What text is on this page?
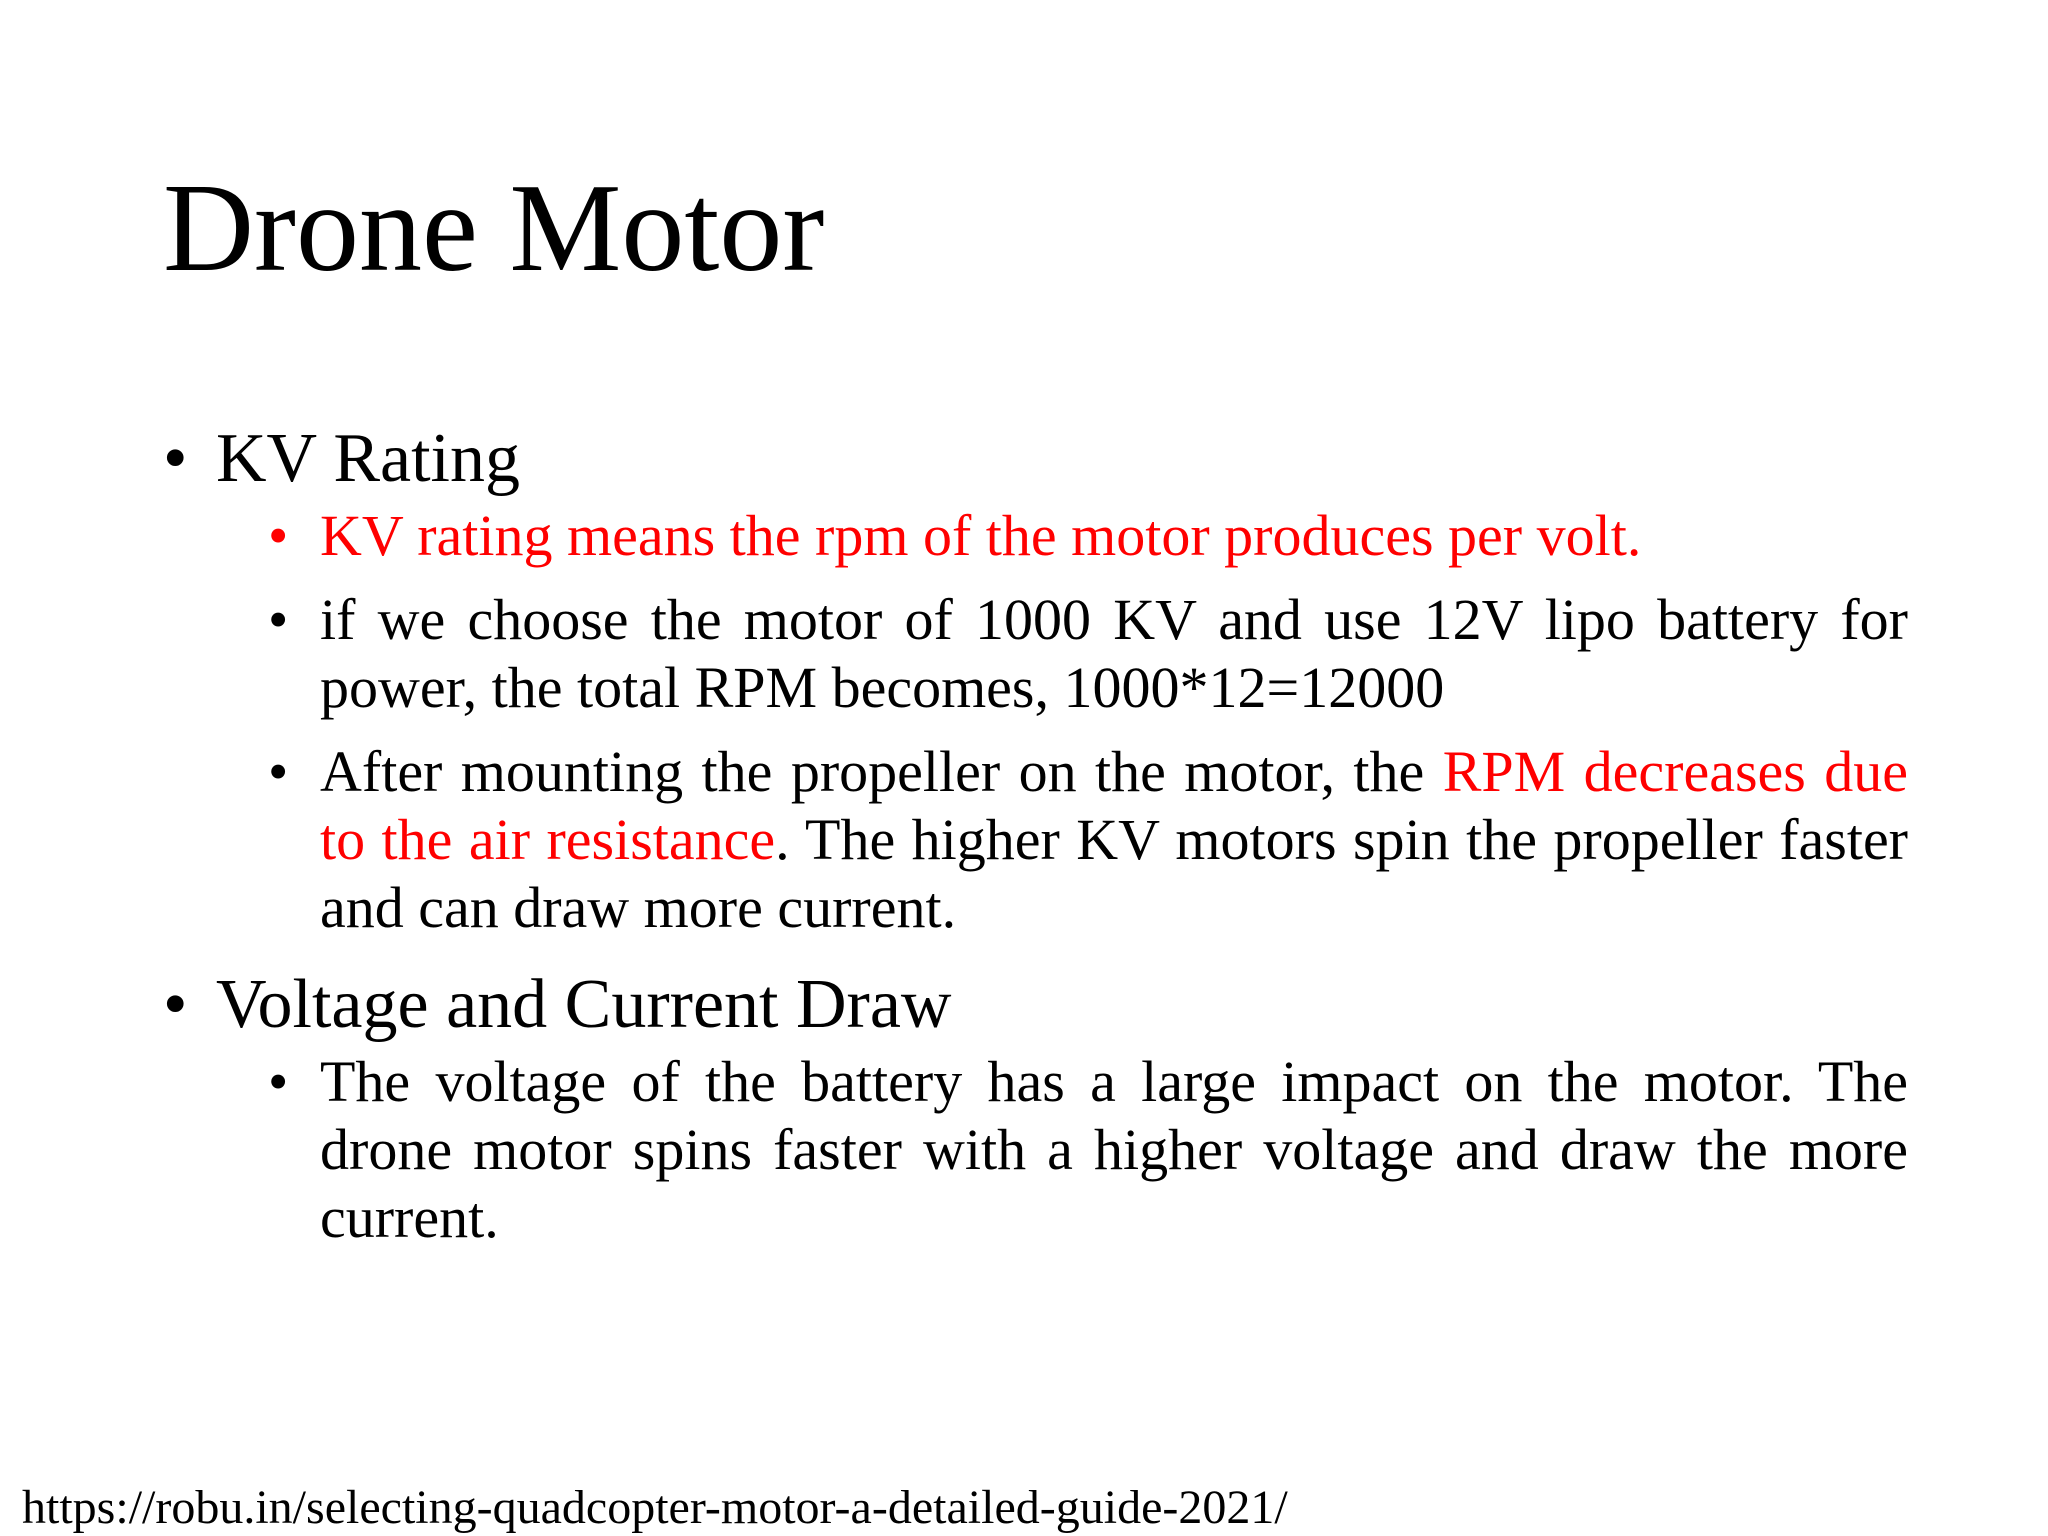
Drone Motor
• KV Rating
• KV rating means the rpm of the motor produces per volt.
• if we choose the motor of 1000 KV and use 12V lipo battery for power, the total RPM becomes, 1000*12=12000
• After mounting the propeller on the motor, the RPM decreases due to the air resistance. The higher KV motors spin the propeller faster and can draw more current.
• Voltage and Current Draw
• The voltage of the battery has a large impact on the motor. The drone motor spins faster with a higher voltage and draw the more current.
https://robu.in/selecting-quadcopter-motor-a-detailed-guide-2021/
